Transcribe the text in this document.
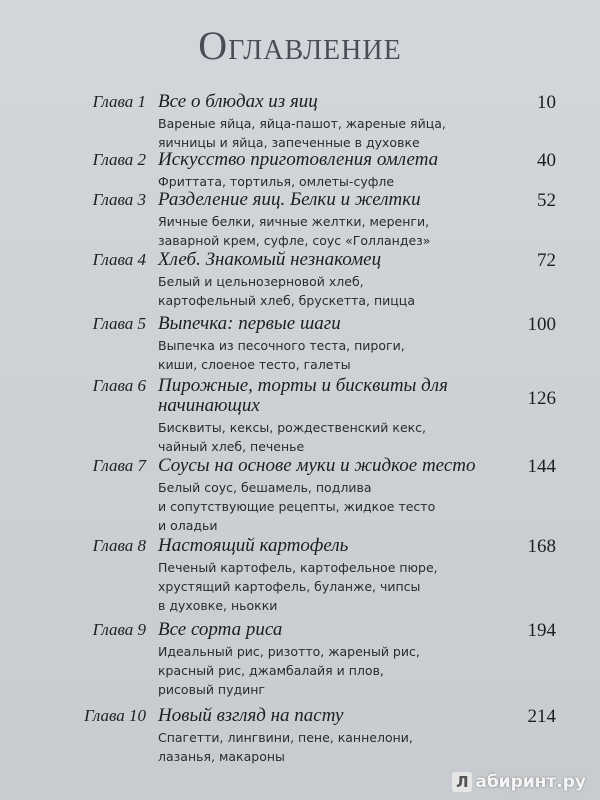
Оглавление
Глава 1 Все о блюдах из яиц	10
Вареные яйца, яйца-пашот, жареные яйца,
яичницы и яйца, запеченные в духовке
Глава 2 Искусство приготовления омлета	40
Фриттата, тортилья, омлеты-суфле
Глава 3 Разделение яиц. Белки и желтки	52
Яичные белки, яичные желтки, меренги,
заварной крем, суфле, соус «Голландез»
Глава 4 Хлеб. Знакомый незнакомец	72
Белый и цельнозерновой хлеб,
картофельный хлеб, брускетта, пицца
Глава 5 Выпечка: первые шаги	100
Выпечка из песочного теста, пироги,
киши, слоеное тесто, галеты
Глава 6 Пирожные, торты и бисквиты для начинающих	126
Бисквиты, кексы, рождественский кекс,
чайный хлеб, печенье
Глава 7 Соусы на основе муки и жидкое тесто	144
Белый соус, бешамель, подлива
и сопутствующие рецепты, жидкое тесто
и оладьи
Глава 8 Настоящий картофель	168
Печеный картофель, картофельное пюре,
хрустящий картофель, буланже, чипсы
в духовке, ньокки
Глава 9 Все сорта риса	194
Идеальный рис, ризотто, жареный рис,
красный рис, джамбалайя и плов,
рисовый пудинг
Глава 10 Новый взгляд на пасту	214
Спагетти, лингвини, пене, каннелони,
лазанья, макароны
Л абиринт.ру
